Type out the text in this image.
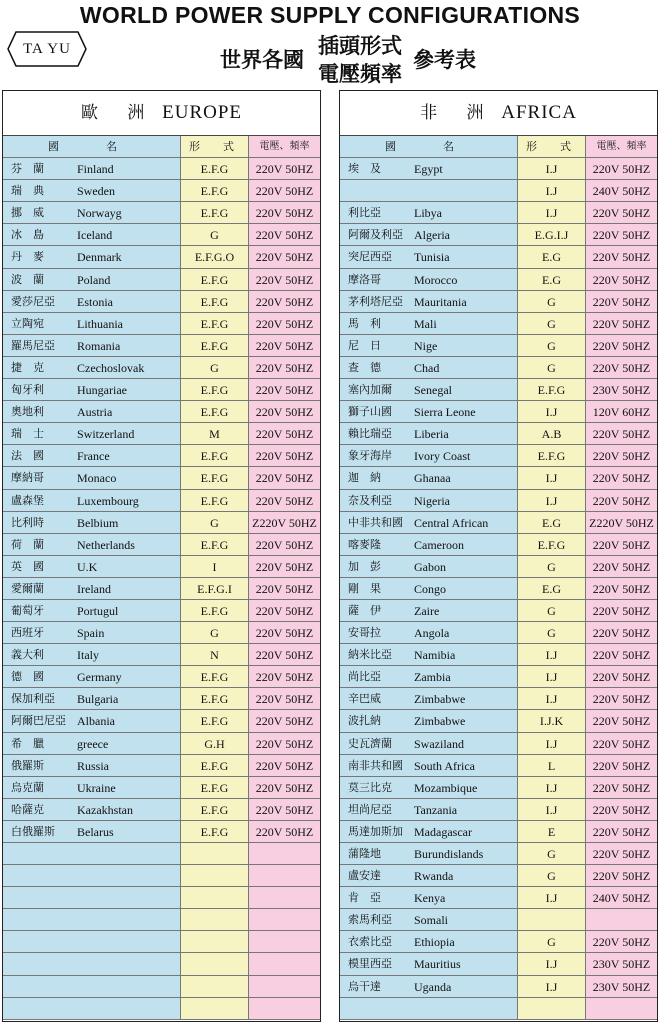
WORLD POWER SUPPLY CONFIGURATIONS
TA YU	世界各國
插頭形式
電壓頻率
參考表
歐 洲 EUROPE
國　名	形　式	電壓、頻率
芬　蘭	Finland	E.F.G	220V 50HZ
瑞　典	Sweden	E.F.G	220V 50HZ
挪　威	Norwayg	E.F.G	220V 50HZ
冰　島	Iceland	G	220V 50HZ
丹　麥	Denmark	E.F.G.O	220V 50HZ
波　蘭	Poland	E.F.G	220V 50HZ
愛莎尼亞	Estonia	E.F.G	220V 50HZ
立陶宛	Lithuania	E.F.G	220V 50HZ
羅馬尼亞	Romania	E.F.G	220V 50HZ
捷　克	Czechoslovak	G	220V 50HZ
匈牙利	Hungariae	E.F.G	220V 50HZ
奧地利	Austria	E.F.G	220V 50HZ
瑞　士	Switzerland	M	220V 50HZ
法　國	France	E.F.G	220V 50HZ
摩納哥	Monaco	E.F.G	220V 50HZ
盧森堡	Luxembourg	E.F.G	220V 50HZ
比利時	Belbium	G	Z220V 50HZ
荷　蘭	Netherlands	E.F.G	220V 50HZ
英　國	U.K	I	220V 50HZ
愛爾蘭	Ireland	E.F.G.I	220V 50HZ
葡萄牙	Portugul	E.F.G	220V 50HZ
西班牙	Spain	G	220V 50HZ
義大利	Italy	N	220V 50HZ
德　國	Germany	E.F.G	220V 50HZ
保加利亞	Bulgaria	E.F.G	220V 50HZ
阿爾巴尼亞 Albania	E.F.G	220V 50HZ
希　臘	greece	G.H	220V 50HZ
俄羅斯	Russia	E.F.G	220V 50HZ
烏克蘭	Ukraine	E.F.G	220V 50HZ
哈薩克	Kazakhstan	E.F.G	220V 50HZ
白俄羅斯	Belarus	E.F.G	220V 50HZ
非 洲 AFRICA
國　名	形　式	電壓、頻率
埃　及	Egypt	I.J	220V 50HZ
I.J	240V 50HZ
利比亞	Libya	I.J	220V 50HZ
阿爾及利亞 Algeria	E.G.I.J	220V 50HZ
突尼西亞	Tunisia	E.G	220V 50HZ
摩洛哥	Morocco	E.G	220V 50HZ
茅利塔尼亞 Mauritania	G	220V 50HZ
馬　利	Mali	G	220V 50HZ
尼　日	Nige	G	220V 50HZ
查　德	Chad	G	220V 50HZ
塞內加爾	Senegal	E.F.G	230V 50HZ
獅子山國	Sierra Leone	I.J	120V 60HZ
賴比瑞亞	Liberia	A.B	220V 50HZ
象牙海岸	Ivory Coast	E.F.G	220V 50HZ
迦　納	Ghanaa	I.J	220V 50HZ
奈及利亞	Nigeria	I.J	220V 50HZ
中非共和國 Central African	E.G	Z220V 50HZ
喀麥隆	Cameroon	E.F.G	220V 50HZ
加　彭	Gabon	G	220V 50HZ
剛　果	Congo	E.G	220V 50HZ
薩　伊	Zaire	G	220V 50HZ
安哥拉	Angola	G	220V 50HZ
納米比亞	Namibia	I.J	220V 50HZ
尚比亞	Zambia	I.J	220V 50HZ
辛巴威	Zimbabwe	I.J	220V 50HZ
波扎納	Zimbabwe	I.J.K	220V 50HZ
史瓦濟蘭	Swaziland	I.J	220V 50HZ
南非共和國 South Africa	L	220V 50HZ
莫三比克	Mozambique	I.J	220V 50HZ
坦尚尼亞	Tanzania	I.J	220V 50HZ
馬達加斯加 Madagascar	E	220V 50HZ
蒲隆地	Burundislands	G	220V 50HZ
盧安達	Rwanda	G	220V 50HZ
肯　亞	Kenya	I.J	240V 50HZ
索馬利亞	Somali
衣索比亞	Ethiopia	G	220V 50HZ
模里西亞	Mauritius	I.J	230V 50HZ
烏干達	Uganda	I.J	230V 50HZ
